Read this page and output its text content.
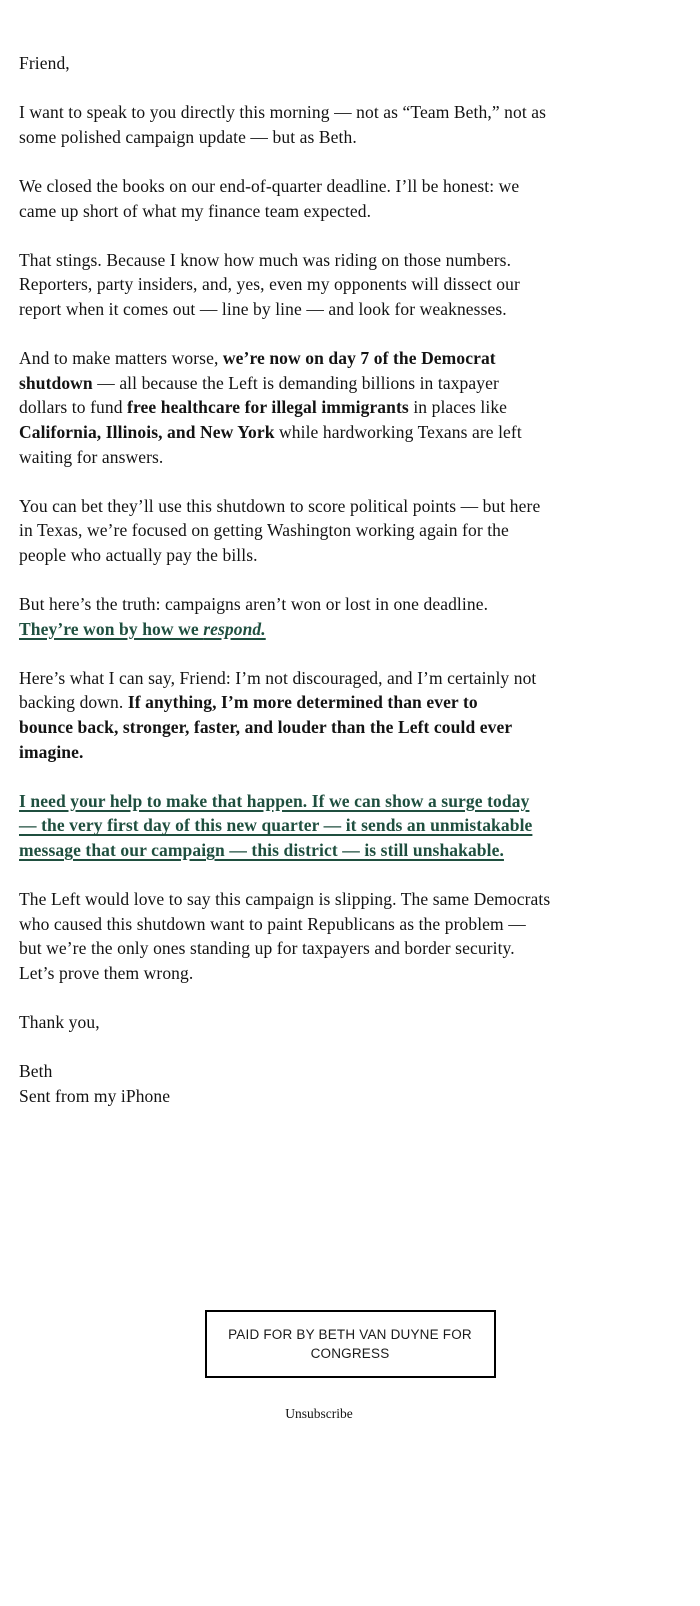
Friend,
I want to speak to you directly this morning — not as “Team Beth,” not as
some polished campaign update — but as Beth.
We closed the books on our end-of-quarter deadline. I’ll be honest: we
came up short of what my finance team expected.
That stings. Because I know how much was riding on those numbers.
Reporters, party insiders, and, yes, even my opponents will dissect our
report when it comes out — line by line — and look for weaknesses.
And to make matters worse, we’re now on day 7 of the Democrat
shutdown — all because the Left is demanding billions in taxpayer
dollars to fund free healthcare for illegal immigrants in places like
California, Illinois, and New York while hardworking Texans are left
waiting for answers.
You can bet they’ll use this shutdown to score political points — but here
in Texas, we’re focused on getting Washington working again for the
people who actually pay the bills.
But here’s the truth: campaigns aren’t won or lost in one deadline.
They’re won by how we respond.
Here’s what I can say, Friend: I’m not discouraged, and I’m certainly not
backing down. If anything, I’m more determined than ever to
bounce back, stronger, faster, and louder than the Left could ever
imagine.
I need your help to make that happen. If we can show a surge today
— the very first day of this new quarter — it sends an unmistakable
message that our campaign — this district — is still unshakable.
The Left would love to say this campaign is slipping. The same Democrats
who caused this shutdown want to paint Republicans as the problem —
but we’re the only ones standing up for taxpayers and border security.
Let’s prove them wrong.
Thank you,
Beth
Sent from my iPhone
PAID FOR BY BETH VAN DUYNE FOR CONGRESS
Unsubscribe
